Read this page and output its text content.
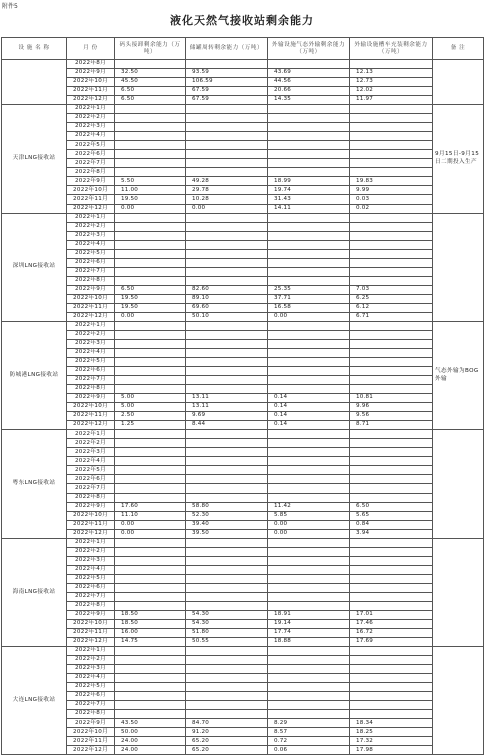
附件5
液化天然气接收站剩余能力
设 施 名 称	月 份	码头接卸剩余能力（万吨）	储罐周转剩余能力（万吨）	外输设施气态外输剩余能力（万吨）	外输设施槽车充装剩余能力（万吨）	备 注
	2022年8月					
	2022年9月	32.50	93.59	43.69	12.13	
	2022年10月	45.50	106.59	44.56	12.73	
	2022年11月	6.50	67.59	20.66	12.02	
	2022年12月	6.50	67.59	14.35	11.97	
天津LNG接收站	2022年1月					9月15日-9月15日二期投入生产
	2022年2月					
	2022年3月					
	2022年4月					
	2022年5月					
	2022年6月					
	2022年7月					
	2022年8月					
	2022年9月	5.50	49.28	18.99	19.83	
	2022年10月	11.00	29.78	19.74	9.99	
	2022年11月	19.50	10.28	31.43	0.03	
	2022年12月	0.00	0.00	14.11	0.02	
深圳LNG接收站	2022年1月					
	2022年2月					
	2022年3月					
	2022年4月					
	2022年5月					
	2022年6月					
	2022年7月					
	2022年8月					
	2022年9月	6.50	82.60	25.35	7.03	
	2022年10月	19.50	89.10	37.71	6.25	
	2022年11月	19.50	69.60	16.58	6.12	
	2022年12月	0.00	50.10	0.00	6.71	
防城港LNG接收站	2022年1月					气态外输为BOG外输
	2022年2月					
	2022年3月					
	2022年4月					
	2022年5月					
	2022年6月					
	2022年7月					
	2022年8月					
	2022年9月	5.00	13.11	0.14	10.81	
	2022年10月	5.00	13.11	0.14	9.96	
	2022年11月	2.50	9.69	0.14	9.56	
	2022年12月	1.25	8.44	0.14	8.71	
粤东LNG接收站	2022年1月					
	2022年2月					
	2022年3月					
	2022年4月					
	2022年5月					
	2022年6月					
	2022年7月					
	2022年8月					
	2022年9月	17.60	58.80	11.42	6.50	
	2022年10月	11.10	52.30	5.85	5.65	
	2022年11月	0.00	39.40	0.00	0.84	
	2022年12月	0.00	39.50	0.00	3.94	
海南LNG接收站	2022年1月					
	2022年2月					
	2022年3月					
	2022年4月					
	2022年5月					
	2022年6月					
	2022年7月					
	2022年8月					
	2022年9月	18.50	54.30	18.91	17.01	
	2022年10月	18.50	54.30	19.14	17.46	
	2022年11月	16.00	51.80	17.74	16.72	
	2022年12月	14.75	50.55	18.88	17.69	
大连LNG接收站	2022年1月					
	2022年2月					
	2022年3月					
	2022年4月					
	2022年5月					
	2022年6月					
	2022年7月					
	2022年8月					
	2022年9月	43.50	84.70	8.29	18.34	
	2022年10月	50.00	91.20	8.57	18.25	
	2022年11月	24.00	65.20	0.72	17.32	
	2022年12月	24.00	65.20	0.06	17.98	
